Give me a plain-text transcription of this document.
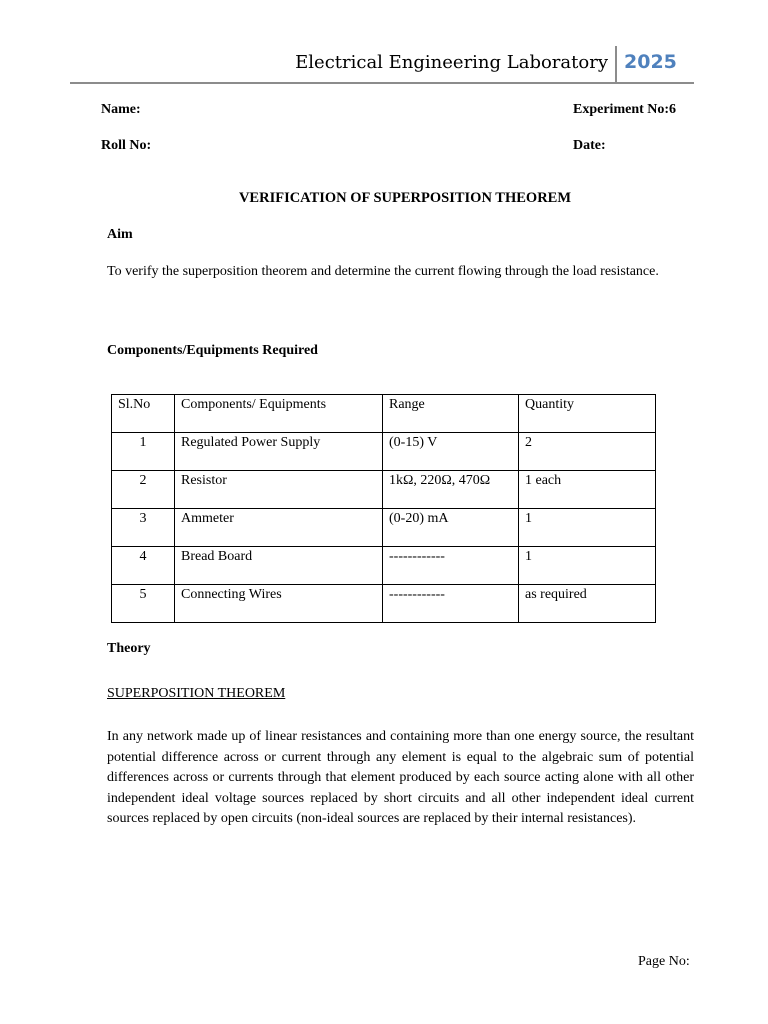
Electrical Engineering Laboratory 2025
Name:	Experiment No:6
Roll No:	Date:
VERIFICATION OF SUPERPOSITION THEOREM
Aim
To verify the superposition theorem and determine the current flowing through the load resistance.
Components/Equipments Required
Sl.No	Components/ Equipments	Range	Quantity
1	Regulated Power Supply	(0-15) V	2
2	Resistor	1kΩ, 220Ω, 470Ω	1 each
3	Ammeter	(0-20) mA	1
4	Bread Board	------------	1
5	Connecting Wires	------------	as required
Theory
SUPERPOSITION THEOREM
In any network made up of linear resistances and containing more than one energy source, the resultant potential difference across or current through any element is equal to the algebraic sum of potential differences across or currents through that element produced by each source acting alone with all other independent ideal voltage sources replaced by short circuits and all other independent ideal current sources replaced by open circuits (non-ideal sources are replaced by their internal resistances).
Page No:
